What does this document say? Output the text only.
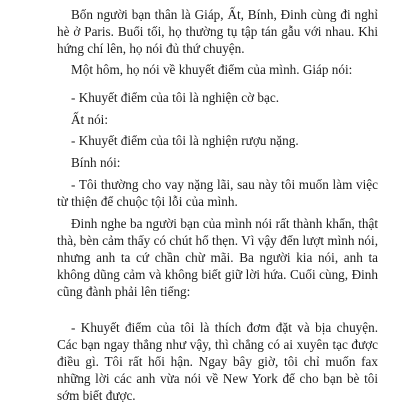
Bốn người bạn thân là Giáp, Ất, Bính, Đinh cùng đi nghỉ hè ở Paris. Buổi tối, họ thường tụ tập tán gẫu với nhau. Khi hứng chí lên, họ nói đủ thứ chuyện.

Một hôm, họ nói về khuyết điểm của mình. Giáp nói:

- Khuyết điểm của tôi là nghiện cờ bạc.

Ất nói:

- Khuyết điểm của tôi là nghiện rượu nặng.

Bính nói:

- Tôi thường cho vay nặng lãi, sau này tôi muốn làm việc từ thiện để chuộc tội lỗi của mình.

Đinh nghe ba người bạn của mình nói rất thành khẩn, thật thà, bèn cảm thấy có chút hổ thẹn. Vì vậy đến lượt mình nói, nhưng anh ta cứ chần chừ mãi. Ba người kia nói, anh ta không dũng cảm và không biết giữ lời hứa. Cuối cùng, Đinh cũng đành phải lên tiếng:

- Khuyết điểm của tôi là thích đơm đặt và bịa chuyện. Các bạn ngay thẳng như vậy, thì chẳng có ai xuyên tạc được điều gì. Tôi rất hối hận. Ngay bây giờ, tôi chỉ muốn fax những lời các anh vừa nói về New York để cho bạn bè tôi sớm biết được.
